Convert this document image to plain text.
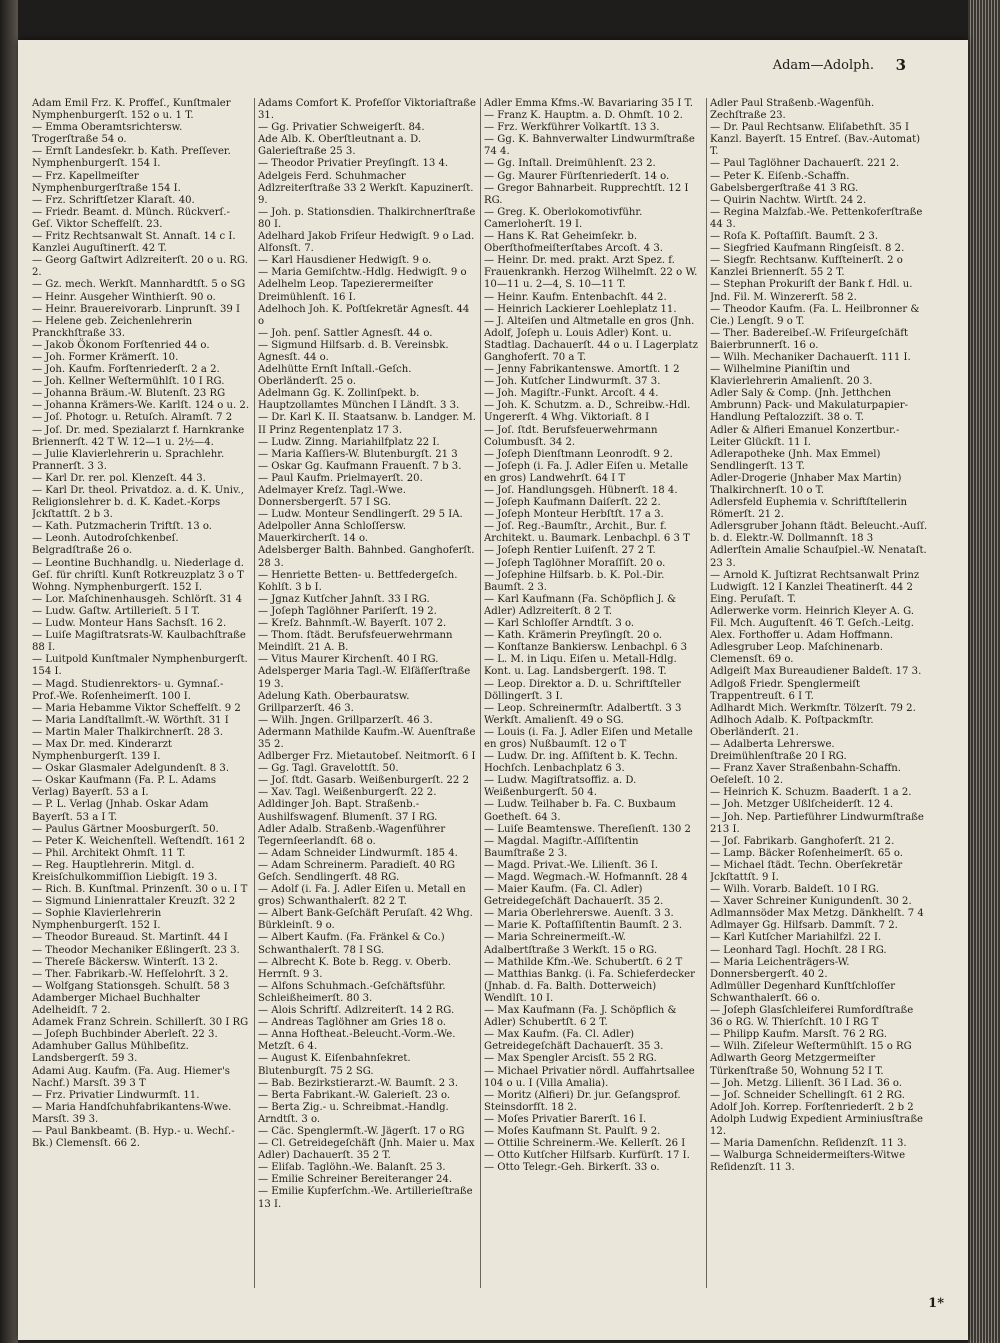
Adam—Adolph. 3

Adam Emil Frz. K. Proffeſ., Kunſtmaler Nymphenburgerſt. 152 o u. 1 T.

— Emma Oberamtsrichtersw. Trogerſtraße 54 o.

— Ernſt Landesſekr. b. Kath. Preſſever. Nymphenburgerſt. 154 I.

— Frz. Kapellmeiſter Nymphenburgerſtraße 154 I.

— Frz. Schriftſetzer Klaraſt. 40.

— Friedr. Beamt. d. Münch. Rückverſ.-Geſ. Viktor Scheffelſt. 23.

— Fritz Rechtsanwalt St. Annaſt. 14 c I. Kanzlei Auguſtinerſt. 42 T.

— Georg Gaſtwirt Adlzreiterſt. 20 o u. RG. 2.

— Gz. mech. Werkſt. Mannhardtſt. 5 o SG

— Heinr. Ausgeher Winthierſt. 90 o.

— Heinr. Brauereivorarb. Linprunſt. 39 I

— Helene geb. Zeichenlehrerin Pranckhſtraße 33.

— Jakob Ökonom Forſtenried 44 o.

— Joh. Former Krämerſt. 10.

— Joh. Kaufm. Forſtenriederſt. 2 a 2.

— Joh. Kellner Weſtermühlſt. 10 I RG.

— Johanna Bräum.-W. Blutenſt. 23 RG

— Johanna Krämers-We. Karlſt. 124 o u. 2.

— Joſ. Photogr. u. Retuſch. Alramſt. 7 2

— Joſ. Dr. med. Spezialarzt f. Harnkranke Briennerſt. 42 T W. 12—1 u. 2½—4.

— Julie Klavierlehrerin u. Sprachlehr. Prannerſt. 3 3.

— Karl Dr. rer. pol. Klenzeſt. 44 3.

— Karl Dr. theol. Privatdoz. a. d. K. Univ., Religionslehrer b. d. K. Kadet.-Korps Jckſtattſt. 2 b 3.

— Kath. Putzmacherin Triftſt. 13 o.

— Leonh. Autodroſchkenbeſ. Belgradſtraße 26 o.

— Leontine Buchhandlg. u. Niederlage d. Geſ. für chriſtl. Kunſt Rotkreuzplatz 3 o T Wohng. Nymphenburgerſt. 152 I.

— Lor. Maſchinenhausgeh. Schlörſt. 31 4

— Ludw. Gaſtw. Artillerieſt. 5 I T.

— Ludw. Monteur Hans Sachsſt. 16 2.

— Luiſe Magiſtratsrats-W. Kaulbachſtraße 88 I.

— Luitpold Kunſtmaler Nymphenburgerſt. 154 I.

— Magd. Studienrektors- u. Gymnaſ.-Prof.-We. Roſenheimerſt. 100 I.

— Maria Hebamme Viktor Scheffelſt. 9 2

— Maria Landſtallmſt.-W. Wörthſt. 31 I

— Martin Maler Thalkirchnerſt. 28 3.

— Max Dr. med. Kinderarzt Nymphenburgerſt. 139 I.

— Oskar Glasmaler Adelgundenſt. 8 3.

— Oskar Kaufmann (Fa. P. L. Adams Verlag) Bayerſt. 53 a I.

— P. L. Verlag (Jnhab. Oskar Adam Bayerſt. 53 a I T.

— Paulus Gärtner Moosburgerſt. 50.

— Peter K. Weichenſtell. Weſtendſt. 161 2

— Phil. Architekt Ohmſt. 11 T.

— Reg. Hauptlehrerin. Mitgl. d. Kreisſchulkommiſſion Liebigſt. 19 3.

— Rich. B. Kunſtmal. Prinzenſt. 30 o u. I T

— Sigmund Linienrattaler Kreuzſt. 32 2

— Sophie Klavierlehrerin Nymphenburgerſt. 152 I.

— Theodor Bureaud. St. Martinſt. 44 I

— Theodor Mechaniker Eßlingerſt. 23 3.

— Thereſe Bäckersw. Winterſt. 13 2.

— Ther. Fabrikarb.-W. Heſſelohrſt. 3 2.

— Wolfgang Stationsgeh. Schulſt. 58 3

Adamberger Michael Buchhalter Adelheidſt. 7 2.

Adamek Franz Schrein. Schillerſt. 30 I RG

— Joſeph Buchbinder Aberleſt. 22 3.

Adamhuber Gallus Mühlbeſitz. Landsbergerſt. 59 3.

Adami Aug. Kaufm. (Fa. Aug. Hiemer's Nachf.) Marsſt. 39 3 T

— Frz. Privatier Lindwurmſt. 11.

— Maria Handſchuhfabrikantens-Wwe. Marsſt. 39 3.

— Paul Bankbeamt. (B. Hyp.- u. Wechſ.-Bk.) Clemensſt. 66 2.

Adams Comfort K. Profeſſor Viktoriaſtraße 31.

— Gg. Privatier Schweigerſt. 84.

Ade Alb. K. Oberſtleutnant a. D. Galerieſtraße 25 3.

— Theodor Privatier Preyſingſt. 13 4.

Adelgeis Ferd. Schuhmacher Adlzreiterſtraße 33 2 Werkſt. Kapuzinerſt. 9.

— Joh. p. Stationsdien. Thalkirchnerſtraße 80 I.

Adelhard Jakob Friſeur Hedwigſt. 9 o Lad. Alfonsſt. 7.

— Karl Hausdiener Hedwigſt. 9 o.

— Maria Gemiſchtw.-Hdlg. Hedwigſt. 9 o

Adelhelm Leop. Tapezierermeiſter Dreimühlenſt. 16 I.

Adelhoch Joh. K. Poſtſekretär Agnesſt. 44 o

— Joh. penſ. Sattler Agnesſt. 44 o.

— Sigmund Hilfsarb. d. B. Vereinsbk. Agnesſt. 44 o.

Adelhütte Ernſt Inſtall.-Geſch. Oberländerſt. 25 o.

Adelmann Gg. K. Zollinſpekt. b. Hauptzollamtes München I Ländſt. 3 3.

— Dr. Karl K. II. Staatsanw. b. Landger. M. II Prinz Regentenplatz 17 3.

— Ludw. Zinng. Mariahilfplatz 22 I.

— Maria Kaſſiers-W. Blutenburgſt. 21 3

— Oskar Gg. Kaufmann Frauenſt. 7 b 3.

— Paul Kaufm. Prielmayerſt. 20.

Adelmayer Kreſz. Tagl.-Wwe. Donnersbergerſt. 57 I SG.

— Ludw. Monteur Sendlingerſt. 29 5 IA.

Adelpoller Anna Schloſſersw. Mauerkircherſt. 14 o.

Adelsberger Balth. Bahnbed. Ganghoferſt. 28 3.

— Henriette Betten- u. Bettfedergeſch. Kohlſt. 3 b I.

— Jgnaz Kutſcher Jahnſt. 33 I RG.

— Joſeph Taglöhner Pariſerſt. 19 2.

— Kreſz. Bahnmſt.-W. Bayerſt. 107 2.

— Thom. ſtädt. Berufsfeuerwehrmann Meindlſt. 21 A. B.

— Vitus Maurer Kirchenſt. 40 I RG.

Adelsperger Maria Tagl.-W. Elſäſſerſtraße 19 3.

Adelung Kath. Oberbauratsw. Grillparzerſt. 46 3.

— Wilh. Jngen. Grillparzerſt. 46 3.

Adermann Mathilde Kaufm.-W. Auenſtraße 35 2.

Adlberger Frz. Mietautobeſ. Neitmorſt. 6 I

— Gg. Tagl. Gravelottſt. 50.

— Joſ. ſtdt. Gasarb. Weißenburgerſt. 22 2

— Xav. Tagl. Weißenburgerſt. 22 2.

Adldinger Joh. Bapt. Straßenb.-Aushilfswagenf. Blumenſt. 37 I RG.

Adler Adalb. Straßenb.-Wagenführer Tegernſeerlandſt. 68 o.

— Adam Schneider Lindwurmſt. 185 4.

— Adam Schreinerm. Paradieſt. 40 RG Geſch. Sendlingerſt. 48 RG.

— Adolf (i. Fa. J. Adler Eiſen u. Metall en gros) Schwanthalerſt. 82 2 T.

— Albert Bank-Geſchäft Peruſaſt. 42 Whg. Bürkleinſt. 9 o.

— Albert Kaufm. (Fa. Fränkel & Co.) Schwanthalerſt. 78 I SG.

— Albrecht K. Bote b. Regg. v. Oberb. Herrnſt. 9 3.

— Alfons Schuhmach.-Geſchäftsführ. Schleißheimerſt. 80 3.

— Alois Schriftſ. Adlzreiterſt. 14 2 RG.

— Andreas Taglöhner am Gries 18 o.

— Anna Hoftheat.-Beleucht.-Vorm.-We. Metzſt. 6 4.

— August K. Eiſenbahnſekret. Blutenburgſt. 75 2 SG.

— Bab. Bezirkstierarzt.-W. Baumſt. 2 3.

— Berta Fabrikant.-W. Galerieſt. 23 o.

— Berta Zig.- u. Schreibmat.-Handlg. Arndtſt. 3 o.

— Cäc. Spenglermſt.-W. Jägerſt. 17 o RG

— Cl. Getreidegeſchäft (Jnh. Maier u. Max Adler) Dachauerſt. 35 2 T.

— Eliſab. Taglöhn.-We. Balanſt. 25 3.

— Emilie Schreiner Bereiteranger 24.

— Emilie Kupferſchm.-We. Artillerieſtraße 13 I.

Adler Emma Kfms.-W. Bavariaring 35 I T.

— Franz K. Hauptm. a. D. Ohmſt. 10 2.

— Frz. Werkführer Volkartſt. 13 3.

— Gg. K. Bahnverwalter Lindwurmſtraße 74 4.

— Gg. Inſtall. Dreimühlenſt. 23 2.

— Gg. Maurer Fürſtenriederſt. 14 o.

— Gregor Bahnarbeit. Rupprechtſt. 12 I RG.

— Greg. K. Oberlokomotivführ. Camerloherſt. 19 I.

— Hans K. Rat Geheimſekr. b. Oberſthofmeiſterſtabes Arcoſt. 4 3.

— Heinr. Dr. med. prakt. Arzt Spez. f. Frauenkrankh. Herzog Wilhelmſt. 22 o W. 10—11 u. 2—4, S. 10—11 T.

— Heinr. Kaufm. Entenbachſt. 44 2.

— Heinrich Lackierer Loehleplatz 11.

— J. Alteiſen und Altmetalle en gros (Jnh. Adolf, Joſeph u. Louis Adler) Kont. u. Stadtlag. Dachauerſt. 44 o u. I Lagerplatz Ganghoferſt. 70 a T.

— Jenny Fabrikantenswe. Amortſt. 1 2

— Joh. Kutſcher Lindwurmſt. 37 3.

— Joh. Magiſtr.-Funkt. Arcoſt. 4 4.

— Joh. K. Schutzm. a. D., Schreibw.-Hdl. Ungererſt. 4 Whg. Viktoriaſt. 8 I

— Joſ. ſtdt. Berufsfeuerwehrmann Columbusſt. 34 2.

— Joſeph Dienſtmann Leonrodſt. 9 2.

— Joſeph (i. Fa. J. Adler Eiſen u. Metalle en gros) Landwehrſt. 64 I T

— Joſ. Handlungsgeh. Hübnerſt. 18 4.

— Joſeph Kaufmann Daiſerſt. 22 2.

— Joſeph Monteur Herbſtſt. 17 a 3.

— Joſ. Reg.-Baumſtr., Archit., Bur. f. Architekt. u. Baumark. Lenbachpl. 6 3 T

— Joſeph Rentier Luiſenſt. 27 2 T.

— Joſeph Taglöhner Moraſſiſt. 20 o.

— Joſephine Hilfsarb. b. K. Pol.-Dir. Baumſt. 2 3.

— Karl Kaufmann (Fa. Schöpflich J. & Adler) Adlzreiterſt. 8 2 T.

— Karl Schloſſer Arndtſt. 3 o.

— Kath. Krämerin Preyſingſt. 20 o.

— Konſtanze Bankiersw. Lenbachpl. 6 3

— L. M. in Liqu. Eiſen u. Metall-Hdlg. Kont. u. Lag. Landsbergerſt. 198. T.

— Leop. Direktor a. D. u. Schriftſteller Döllingerſt. 3 I.

— Leop. Schreinermſtr. Adalbertſt. 3 3 Werkſt. Amalienſt. 49 o SG.

— Louis (i. Fa. J. Adler Eiſen und Metalle en gros) Nußbaumſt. 12 o T

— Ludw. Dr. ing. Aſſiſtent b. K. Techn. Hochſch. Lenbachplatz 6 3.

— Ludw. Magiſtratsoffiz. a. D. Weißenburgerſt. 50 4.

— Ludw. Teilhaber b. Fa. C. Buxbaum Goetheſt. 64 3.

— Luiſe Beamtenswe. Thereſienſt. 130 2

— Magdal. Magiſtr.-Aſſiſtentin Baumſtraße 2 3.

— Magd. Privat.-We. Lilienſt. 36 I.

— Magd. Wegmach.-W. Hofmannſt. 28 4

— Maier Kaufm. (Fa. Cl. Adler) Getreidegeſchäft Dachauerſt. 35 2.

— Maria Oberlehrerswe. Auenſt. 3 3.

— Marie K. Poſtaſſiſtentin Baumſt. 2 3.

— Maria Schreinermeiſt.-W. Adalbertſtraße 3 Werkſt. 15 o RG.

— Mathilde Kfm.-We. Schubertſt. 6 2 T

— Matthias Bankg. (i. Fa. Schieferdecker (Jnhab. d. Fa. Balth. Dotterweich) Wendlſt. 10 I.

— Max Kaufmann (Fa. J. Schöpflich & Adler) Schubertſt. 6 2 T.

— Max Kaufm. (Fa. Cl. Adler) Getreidegeſchäft Dachauerſt. 35 3.

— Max Spengler Arcisſt. 55 2 RG.

— Michael Privatier nördl. Auffahrtsallee 104 o u. I (Villa Amalia).

— Moritz (Alfieri) Dr. jur. Geſangsprof. Steinsdorfſt. 18 2.

— Moſes Privatier Barerſt. 16 I.

— Moſes Kaufmann St. Paulſt. 9 2.

— Ottilie Schreinerm.-We. Kellerſt. 26 I

— Otto Kutſcher Hilfsarb. Kurfürſt. 17 I.

— Otto Telegr.-Geh. Birkerſt. 33 o.

Adler Paul Straßenb.-Wagenfüh. Zechſtraße 23.

— Dr. Paul Rechtsanw. Eliſabethſt. 35 I Kanzl. Bayerſt. 15 Entreſ. (Bav.-Automat) T.

— Paul Taglöhner Dachauerſt. 221 2.

— Peter K. Eiſenb.-Schaffn. Gabelsbergerſtraße 41 3 RG.

— Quirin Nachtw. Wirtſt. 24 2.

— Regina Malzfab.-We. Pettenkoferſtraße 44 3.

— Roſa K. Poſtaſſiſt. Baumſt. 2 3.

— Siegfried Kaufmann Ringſeisſt. 8 2.

— Siegfr. Rechtsanw. Kufſteinerſt. 2 o Kanzlei Briennerſt. 55 2 T.

— Stephan Prokuriſt der Bank f. Hdl. u. Jnd. Fil. M. Winzererſt. 58 2.

— Theodor Kaufm. (Fa. L. Heilbronner & Cie.) Lengſt. 9 o T.

— Ther. Badereibeſ.-W. Friſeurgeſchäft Baierbrunnerſt. 16 o.

— Wilh. Mechaniker Dachauerſt. 111 I.

— Wilhelmine Pianiſtin und Klavierlehrerin Amalienſt. 20 3.

Adler Saly & Comp. (Jnh. Jetthchen Ambrunn) Pack- und Makulaturpapier-Handlung Peſtalozziſt. 38 o. T.

Adler & Alfieri Emanuel Konzertbur.-Leiter Glückſt. 11 I.

Adlerapotheke (Jnh. Max Emmel) Sendlingerſt. 13 T.

Adler-Drogerie (Jnhaber Max Martin) Thalkirchnerſt. 10 o T.

Adlersfeld Euphemia v. Schriftſtellerin Römerſt. 21 2.

Adlersgruber Johann ſtädt. Beleucht.-Auſſ. b. d. Elektr.-W. Dollmannſt. 18 3

Adlerſtein Amalie Schauſpiel.-W. Nenataſt. 23 3.

— Arnold K. Juſtizrat Rechtsanwalt Prinz Ludwigſt. 12 I Kanzlei Theatinerſt. 44 2 Eing. Peruſaſt. T.

Adlerwerke vorm. Heinrich Kleyer A. G. Fil. Mch. Auguſtenſt. 46 T. Geſch.-Leitg. Alex. Forthoffer u. Adam Hoffmann.

Adlesgruber Leop. Maſchinenarb. Clemensſt. 69 o.

Adlgeiſt Max Bureaudiener Baldeſt. 17 3.

Adlgoß Friedr. Spenglermeiſt Trappentreuſt. 6 I T.

Adlhardt Mich. Werkmſtr. Tölzerſt. 79 2.

Adlhoch Adalb. K. Poſtpackmſtr. Oberländerſt. 21.

— Adalberta Lehrerswe. Dreimühlenſtraße 20 I RG.

— Franz Xaver Straßenbahn-Schaffn. Oeſeleſt. 10 2.

— Heinrich K. Schuzm. Baaderſt. 1 a 2.

— Joh. Metzger Ußlſcheiderſt. 12 4.

— Joh. Nep. Partieführer Lindwurmſtraße 213 I.

— Joſ. Fabrikarb. Ganghoferſt. 21 2.

— Lamp. Bäcker Roſenheimerſt. 65 o.

— Michael ſtädt. Techn. Oberſekretär Jckſtattſt. 9 I.

— Wilh. Vorarb. Baldeſt. 10 I RG.

— Xaver Schreiner Kunigundenſt. 30 2.

Adlmannsöder Max Metzg. Dänkhelſt. 7 4

Adlmayer Gg. Hilfsarb. Dammſt. 7 2.

— Karl Kutſcher Mariahilfzl. 22 I.

— Leonhard Tagl. Hochſt. 28 I RG.

— Maria Leichenträgers-W. Donnersbergerſt. 40 2.

Adlmüller Degenhard Kunſtſchloſſer Schwanthalerſt. 66 o.

— Joſeph Glasſchleiferei Rumfordſtraße 36 o RG. W. Thierſchſt. 10 I RG T

— Philipp Kaufm. Marsſt. 76 2 RG.

— Wilh. Ziſeleur Weſtermühlſt. 15 o RG

Adlwarth Georg Metzgermeiſter Türkenſtraße 50, Wohnung 52 I T.

— Joh. Metzg. Lilienſt. 36 I Lad. 36 o.

— Joſ. Schneider Schellingſt. 61 2 RG.

Adolf Joh. Korrep. Forſtenriederſt. 2 b 2

Adolph Ludwig Expedient Arminiusſtraße 12.

— Maria Damenſchn. Reſidenzſt. 11 3.

— Walburga Schneidermeiſters-Witwe Reſidenzſt. 11 3.

1*
